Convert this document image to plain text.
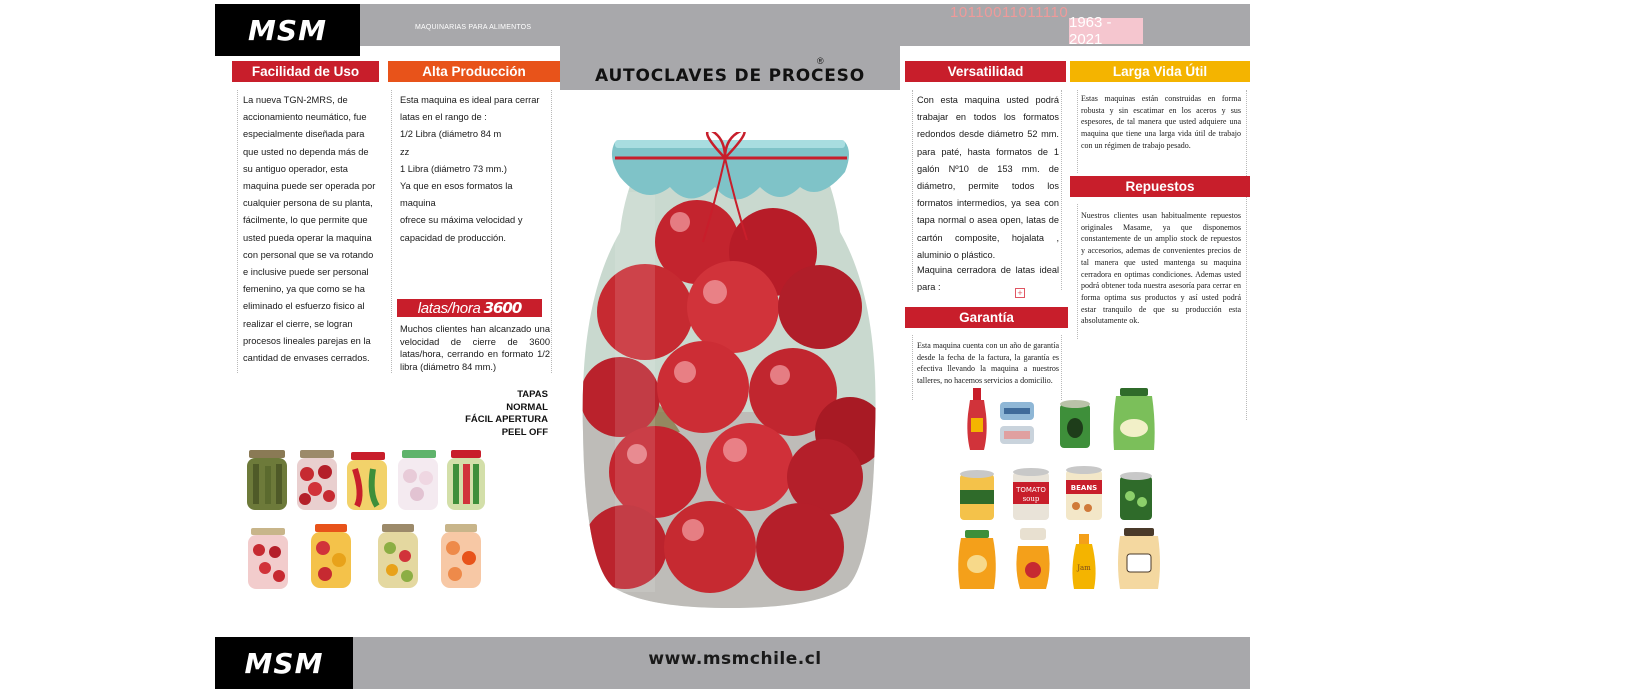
MSM	MAQUINARIAS PARA ALIMENTOS
10110011011110
1963 - 2021
AUTOCLAVES DE PROCESO
®
Facilidad de Uso
La nueva TGN-2MRS, de
accionamiento neumático, fue
especialmente diseñada para
que usted no dependa más de
su antiguo operador, esta
maquina puede ser operada por
cualquier persona de su planta,
fácilmente, lo que permite que
usted pueda operar la maquina
con personal que se va rotando
e inclusive puede ser personal
femenino, ya que como se ha
eliminado el esfuerzo fisico al
realizar el cierre, se logran
procesos lineales parejas en la
cantidad de envases cerrados.
Alta Producción
Esta maquina es ideal para cerrar
latas en el rango de :
1/2 Libra (diámetro 84 m
zz
1 Libra (diámetro 73 mm.)
Ya que en esos formatos la maquina
ofrece su máxima velocidad y
capacidad de producción.
latas/hora 3600
Muchos clientes han alcanzado una velocidad de cierre de 3600 latas/hora, cerrando en formato 1/2 libra (diámetro 84 mm.)
TAPAS
NORMAL
FÁCIL APERTURA
PEEL OFF
Versatilidad
Con esta maquina usted podrá trabajar en todos los formatos redondos desde diámetro 52 mm. para paté, hasta formatos de 1 galón Nº10 de 153 mm. de diámetro, permite todos los formatos intermedios, ya sea con tapa normal o asea open, latas de cartón composite, hojalata , aluminio o plástico.
Maquina cerradora de latas ideal para :
+
Larga Vida Útil
Estas maquinas están construidas en forma robusta y sin escatimar en los aceros y sus espesores, de tal manera que usted adquiere una maquina que tiene una larga vida útil de trabajo con un régimen de trabajo pesado.
Repuestos
Nuestros clientes usan habitualmente repuestos originales Masame, ya que disponemos constantemente de un amplio stock de repuestos y accesorios, ademas de convenientes precios de tal manera que usted mantenga su maquina cerradora en optimas condiciones. Ademas usted podrá obtener toda nuestra asesoría para cerrar en forma optima sus productos y así usted podrá estar tranquilo de que su producción esta absolutamente ok.
Garantía
Esta maquina cuenta con un año de garantía desde la fecha de la factura, la garantía es efectiva llevando la maquina a nuestros talleres, no hacemos servicios a domicilio.
TOMATO
soup
BEANS
Jam
MSM	www.msmchile.cl
